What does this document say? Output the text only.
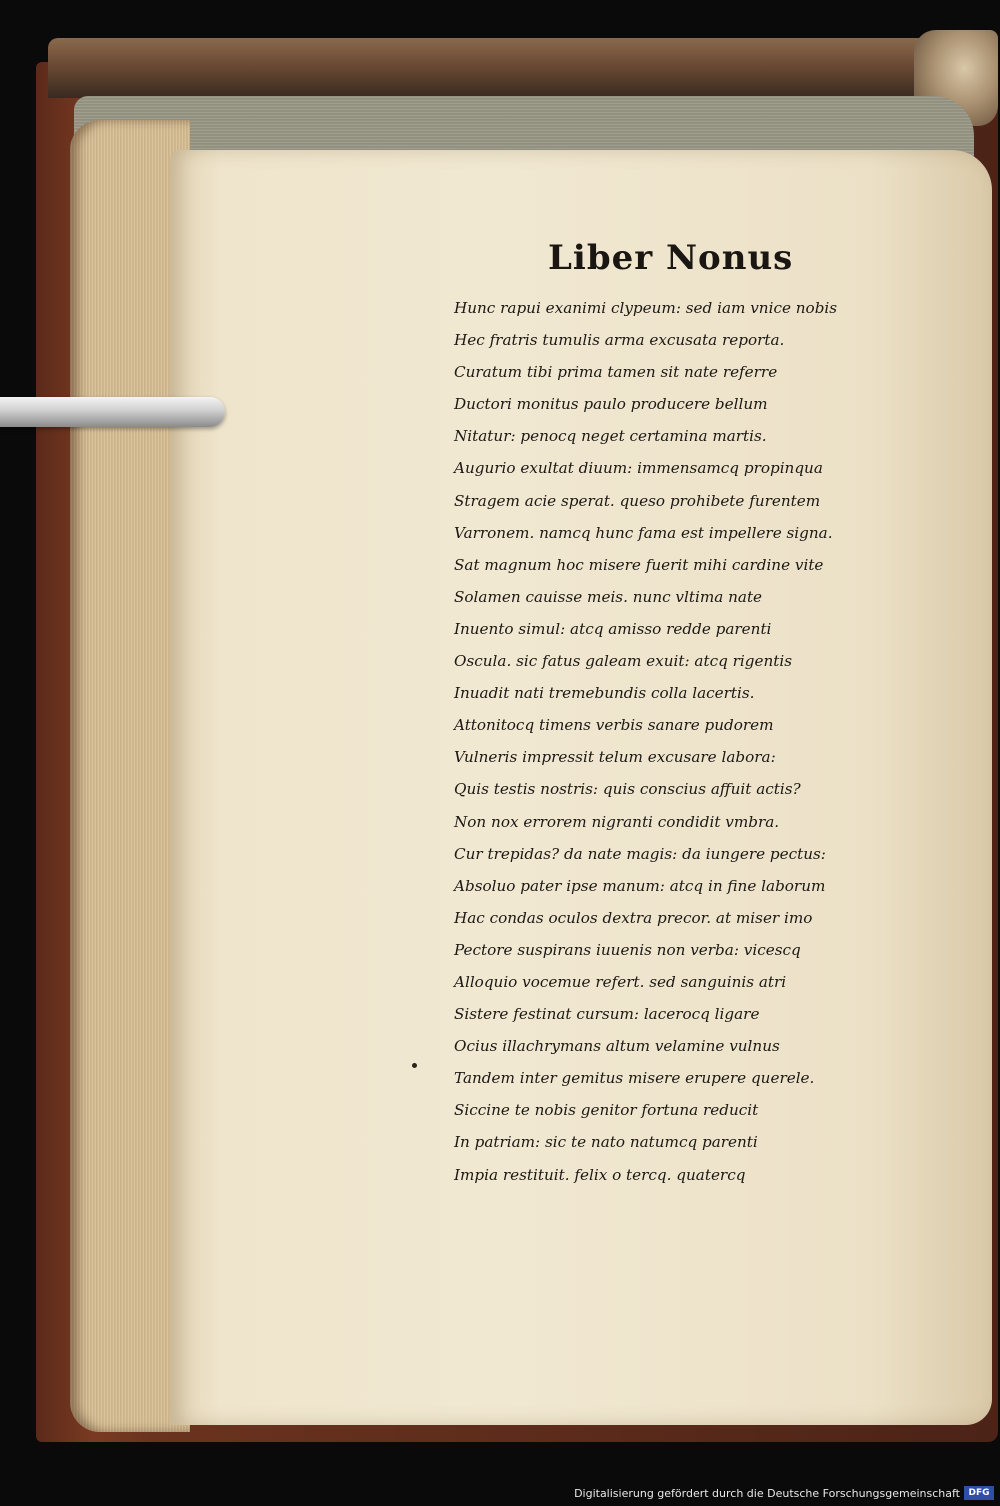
Liber Nonus
Hunc rapui exanimi clypeum: sed iam vnice nobis
Hec fratris tumulis arma excusata reporta.
Curatum tibi prima tamen sit nate referre
Ductori monitus paulo producere bellum
Nitatur: penocq neget certamina martis.
Augurio exultat diuum: immensamcq propinqua
Stragem acie sperat. queso prohibete furentem
Varronem. namcq hunc fama est impellere signa.
Sat magnum hoc misere fuerit mihi cardine vite
Solamen cauisse meis. nunc vltima nate
Inuento simul: atcq amisso redde parenti
Oscula. sic fatus galeam exuit: atcq rigentis
Inuadit nati tremebundis colla lacertis.
Attonitocq timens verbis sanare pudorem
Vulneris impressit telum excusare labora:
Quis testis nostris: quis conscius affuit actis?
Non nox errorem nigranti condidit vmbra.
Cur trepidas? da nate magis: da iungere pectus:
Absoluo pater ipse manum: atcq in fine laborum
Hac condas oculos dextra precor. at miser imo
Pectore suspirans iuuenis non verba: vicescq
Alloquio vocemue refert. sed sanguinis atri
Sistere festinat cursum: lacerocq ligare
Ocius illachrymans altum velamine vulnus
Tandem inter gemitus misere erupere querele.
Siccine te nobis genitor fortuna reducit
In patriam: sic te nato natumcq parenti
Impia restituit. felix o tercq. quatercq
Digitalisierung gefördert durch die Deutsche Forschungsgemeinschaft DFG
